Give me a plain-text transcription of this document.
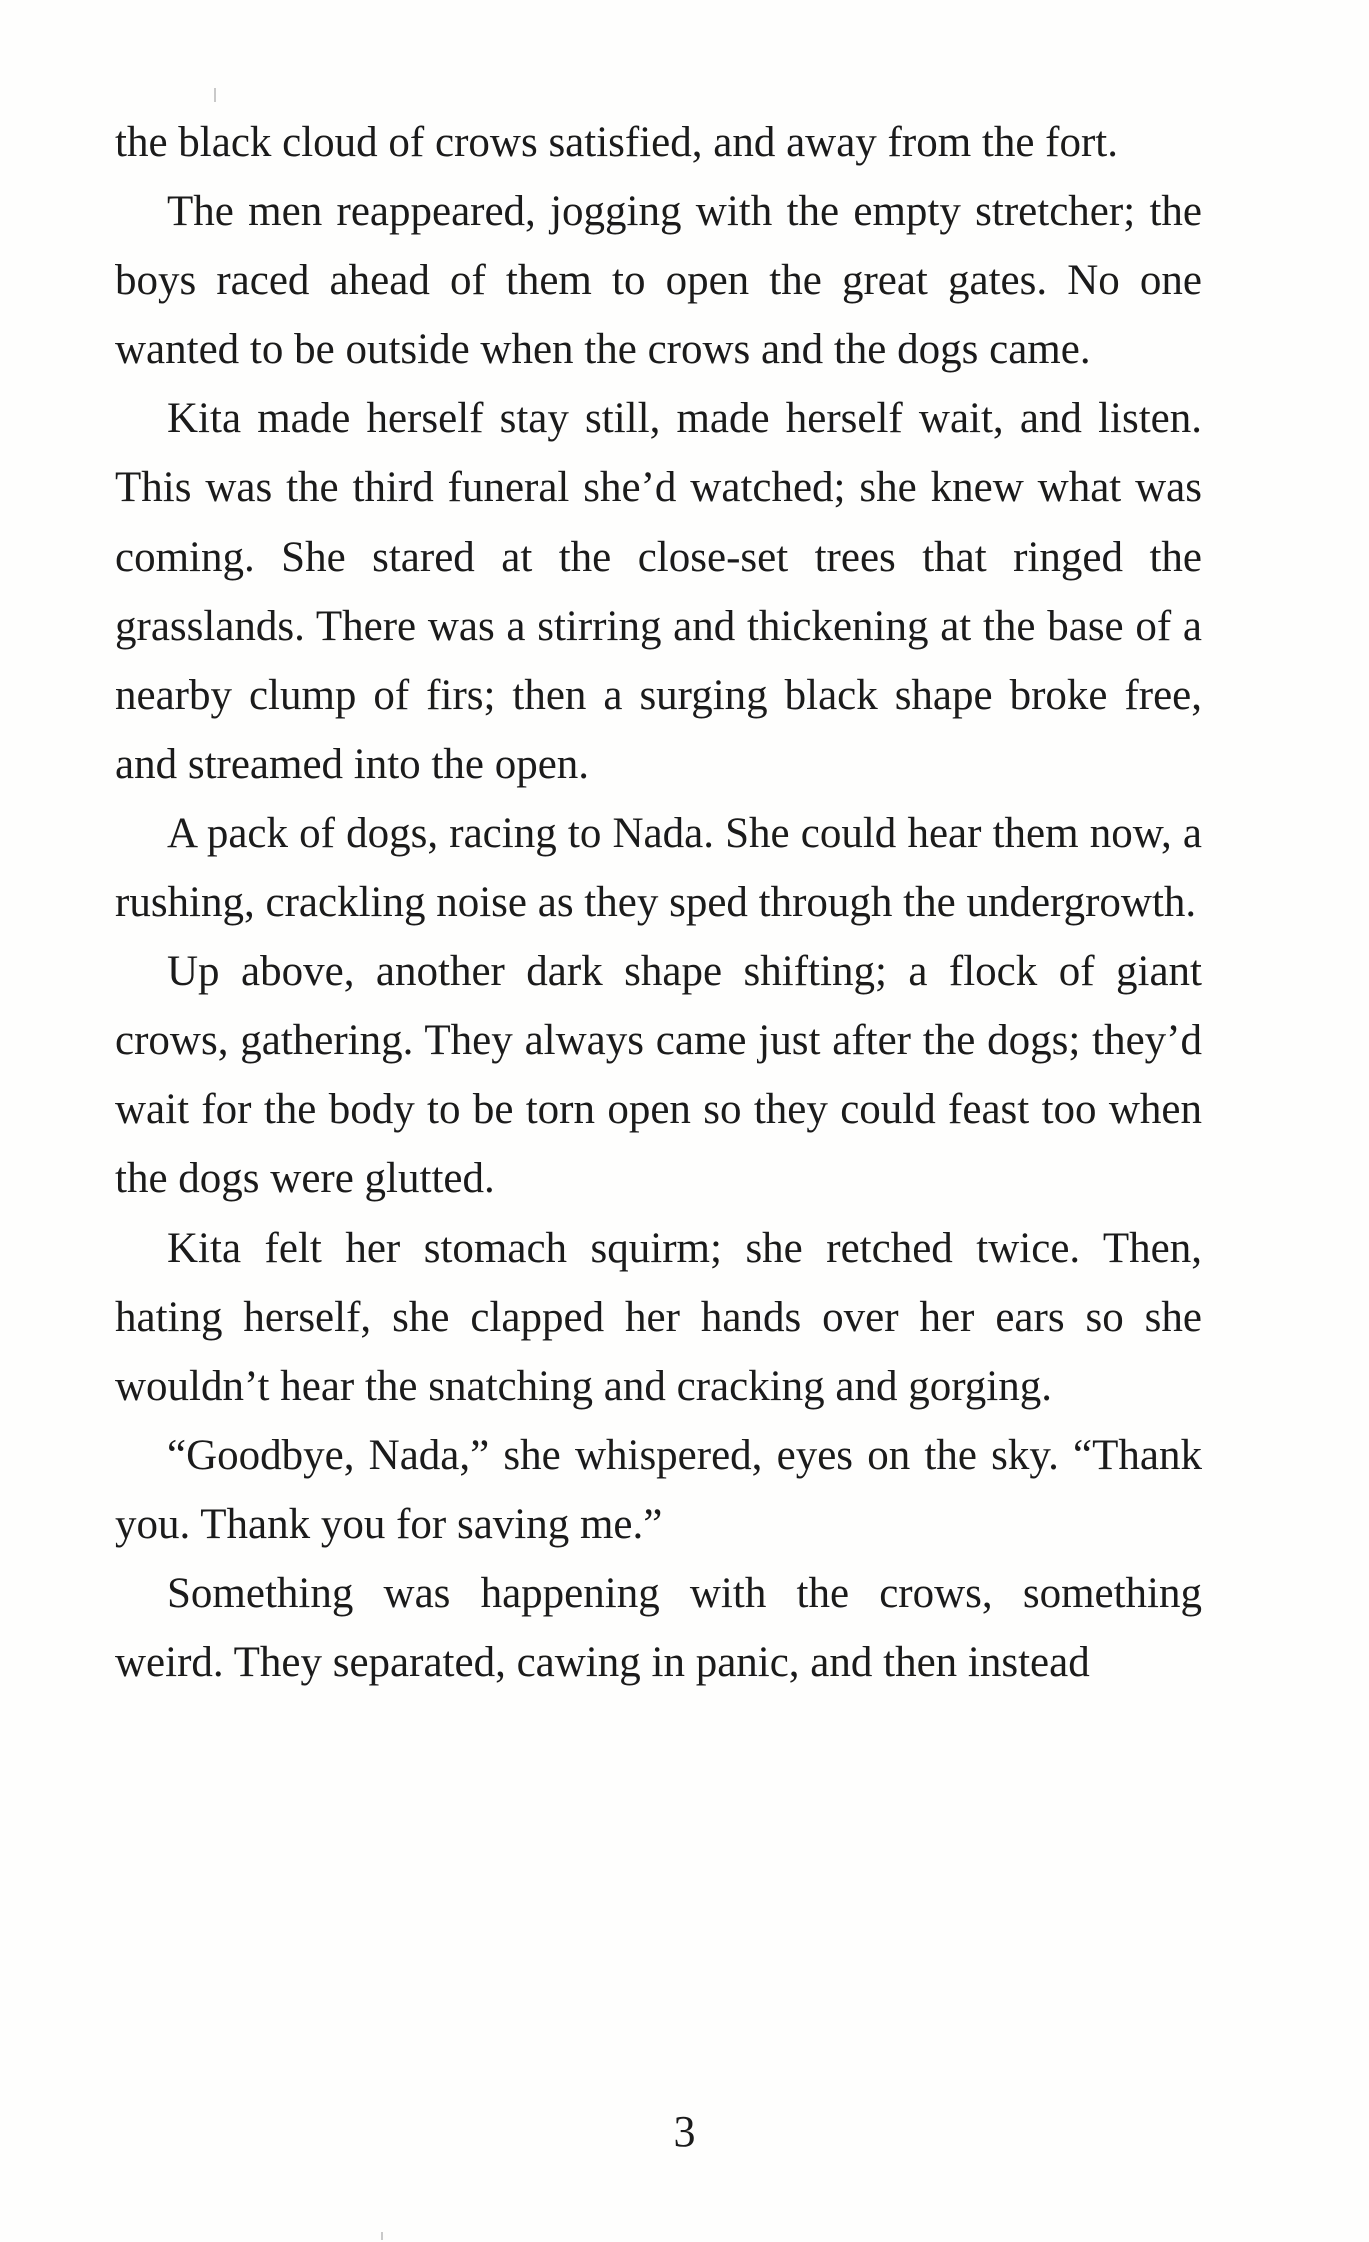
the black cloud of crows satisfied, and away from the fort.

The men reappeared, jogging with the empty stretcher; the boys raced ahead of them to open the great gates. No one wanted to be outside when the crows and the dogs came.

Kita made herself stay still, made herself wait, and listen. This was the third funeral she’d watched; she knew what was coming. She stared at the close-set trees that ringed the grasslands. There was a stirring and thickening at the base of a nearby clump of firs; then a surging black shape broke free, and streamed into the open.

A pack of dogs, racing to Nada. She could hear them now, a rushing, crackling noise as they sped through the undergrowth.

Up above, another dark shape shifting; a flock of giant crows, gathering. They always came just after the dogs; they’d wait for the body to be torn open so they could feast too when the dogs were glutted.

Kita felt her stomach squirm; she retched twice. Then, hating herself, she clapped her hands over her ears so she wouldn’t hear the snatching and cracking and gorging.

“Goodbye, Nada,” she whispered, eyes on the sky. “Thank you. Thank you for saving me.”

Something was happening with the crows, something weird. They separated, cawing in panic, and then instead

3
